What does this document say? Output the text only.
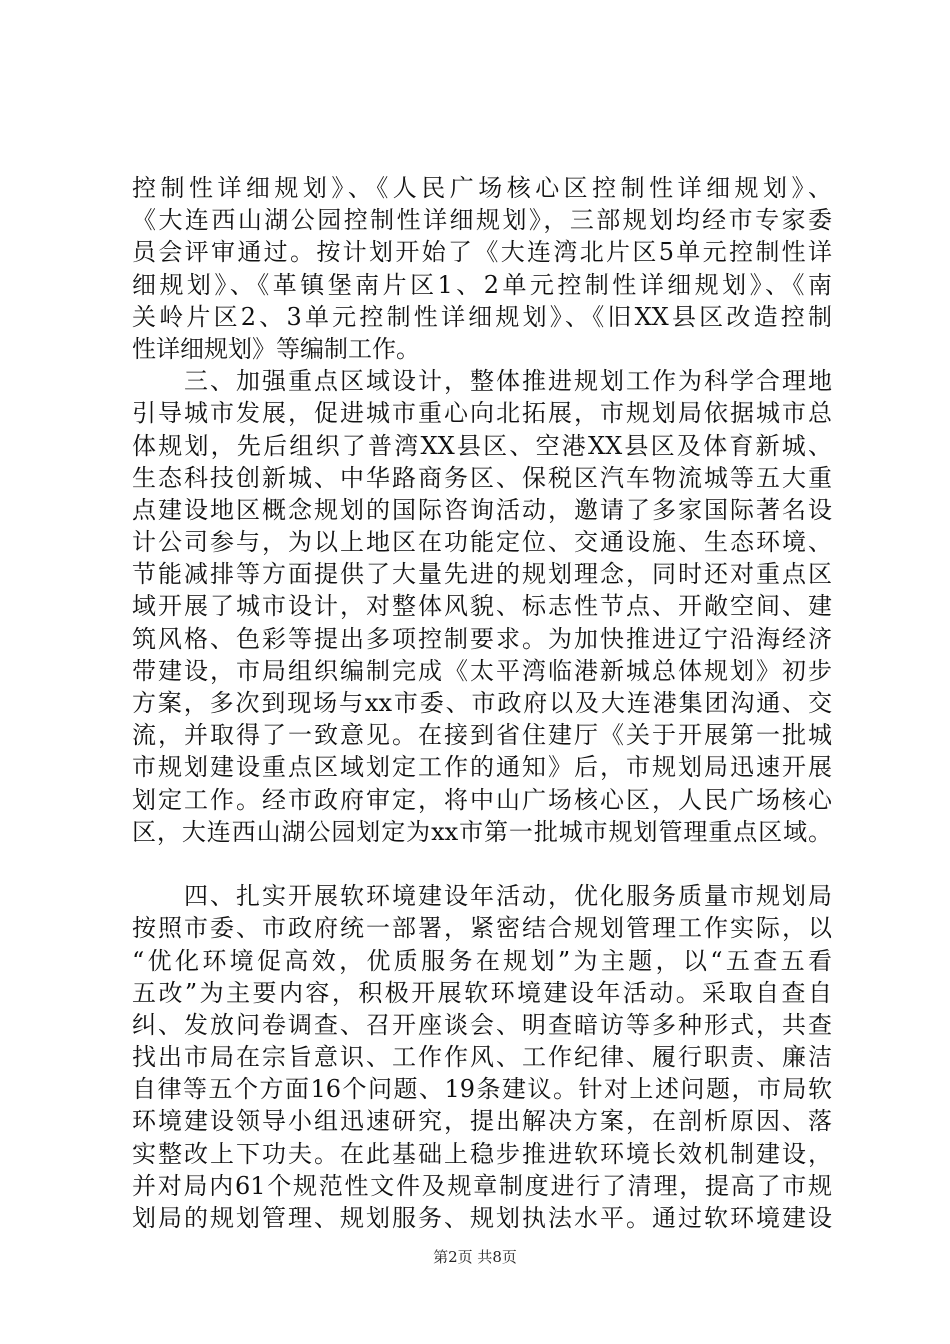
控制性详细规划》、《人民广场核心区控制性详细规划》、
《大连西山湖公园控制性详细规划》，三部规划均经市专家委
员会评审通过。按计划开始了《大连湾北片区5单元控制性详
细规划》、《革镇堡南片区1、2单元控制性详细规划》、《南
关岭片区2、3单元控制性详细规划》、《旧XX县区改造控制
性详细规划》等编制工作。
　　三、加强重点区域设计，整体推进规划工作为科学合理地
引导城市发展，促进城市重心向北拓展，市规划局依据城市总
体规划，先后组织了普湾XX县区、空港XX县区及体育新城、
生态科技创新城、中华路商务区、保税区汽车物流城等五大重
点建设地区概念规划的国际咨询活动，邀请了多家国际著名设
计公司参与，为以上地区在功能定位、交通设施、生态环境、
节能减排等方面提供了大量先进的规划理念，同时还对重点区
域开展了城市设计，对整体风貌、标志性节点、开敞空间、建
筑风格、色彩等提出多项控制要求。为加快推进辽宁沿海经济
带建设，市局组织编制完成《太平湾临港新城总体规划》初步
方案，多次到现场与xx市委、市政府以及大连港集团沟通、交
流，并取得了一致意见。在接到省住建厅《关于开展第一批城
市规划建设重点区域划定工作的通知》后，市规划局迅速开展
划定工作。经市政府审定，将中山广场核心区，人民广场核心
区，大连西山湖公园划定为xx市第一批城市规划管理重点区域。
　　四、扎实开展软环境建设年活动，优化服务质量市规划局
按照市委、市政府统一部署，紧密结合规划管理工作实际，以
“优化环境促高效，优质服务在规划”为主题，以“五查五看
五改”为主要内容，积极开展软环境建设年活动。采取自查自
纠、发放问卷调查、召开座谈会、明查暗访等多种形式，共查
找出市局在宗旨意识、工作作风、工作纪律、履行职责、廉洁
自律等五个方面16个问题、19条建议。针对上述问题，市局软
环境建设领导小组迅速研究，提出解决方案，在剖析原因、落
实整改上下功夫。在此基础上稳步推进软环境长效机制建设，
并对局内61个规范性文件及规章制度进行了清理，提高了市规
划局的规划管理、规划服务、规划执法水平。通过软环境建设
第2页 共8页
